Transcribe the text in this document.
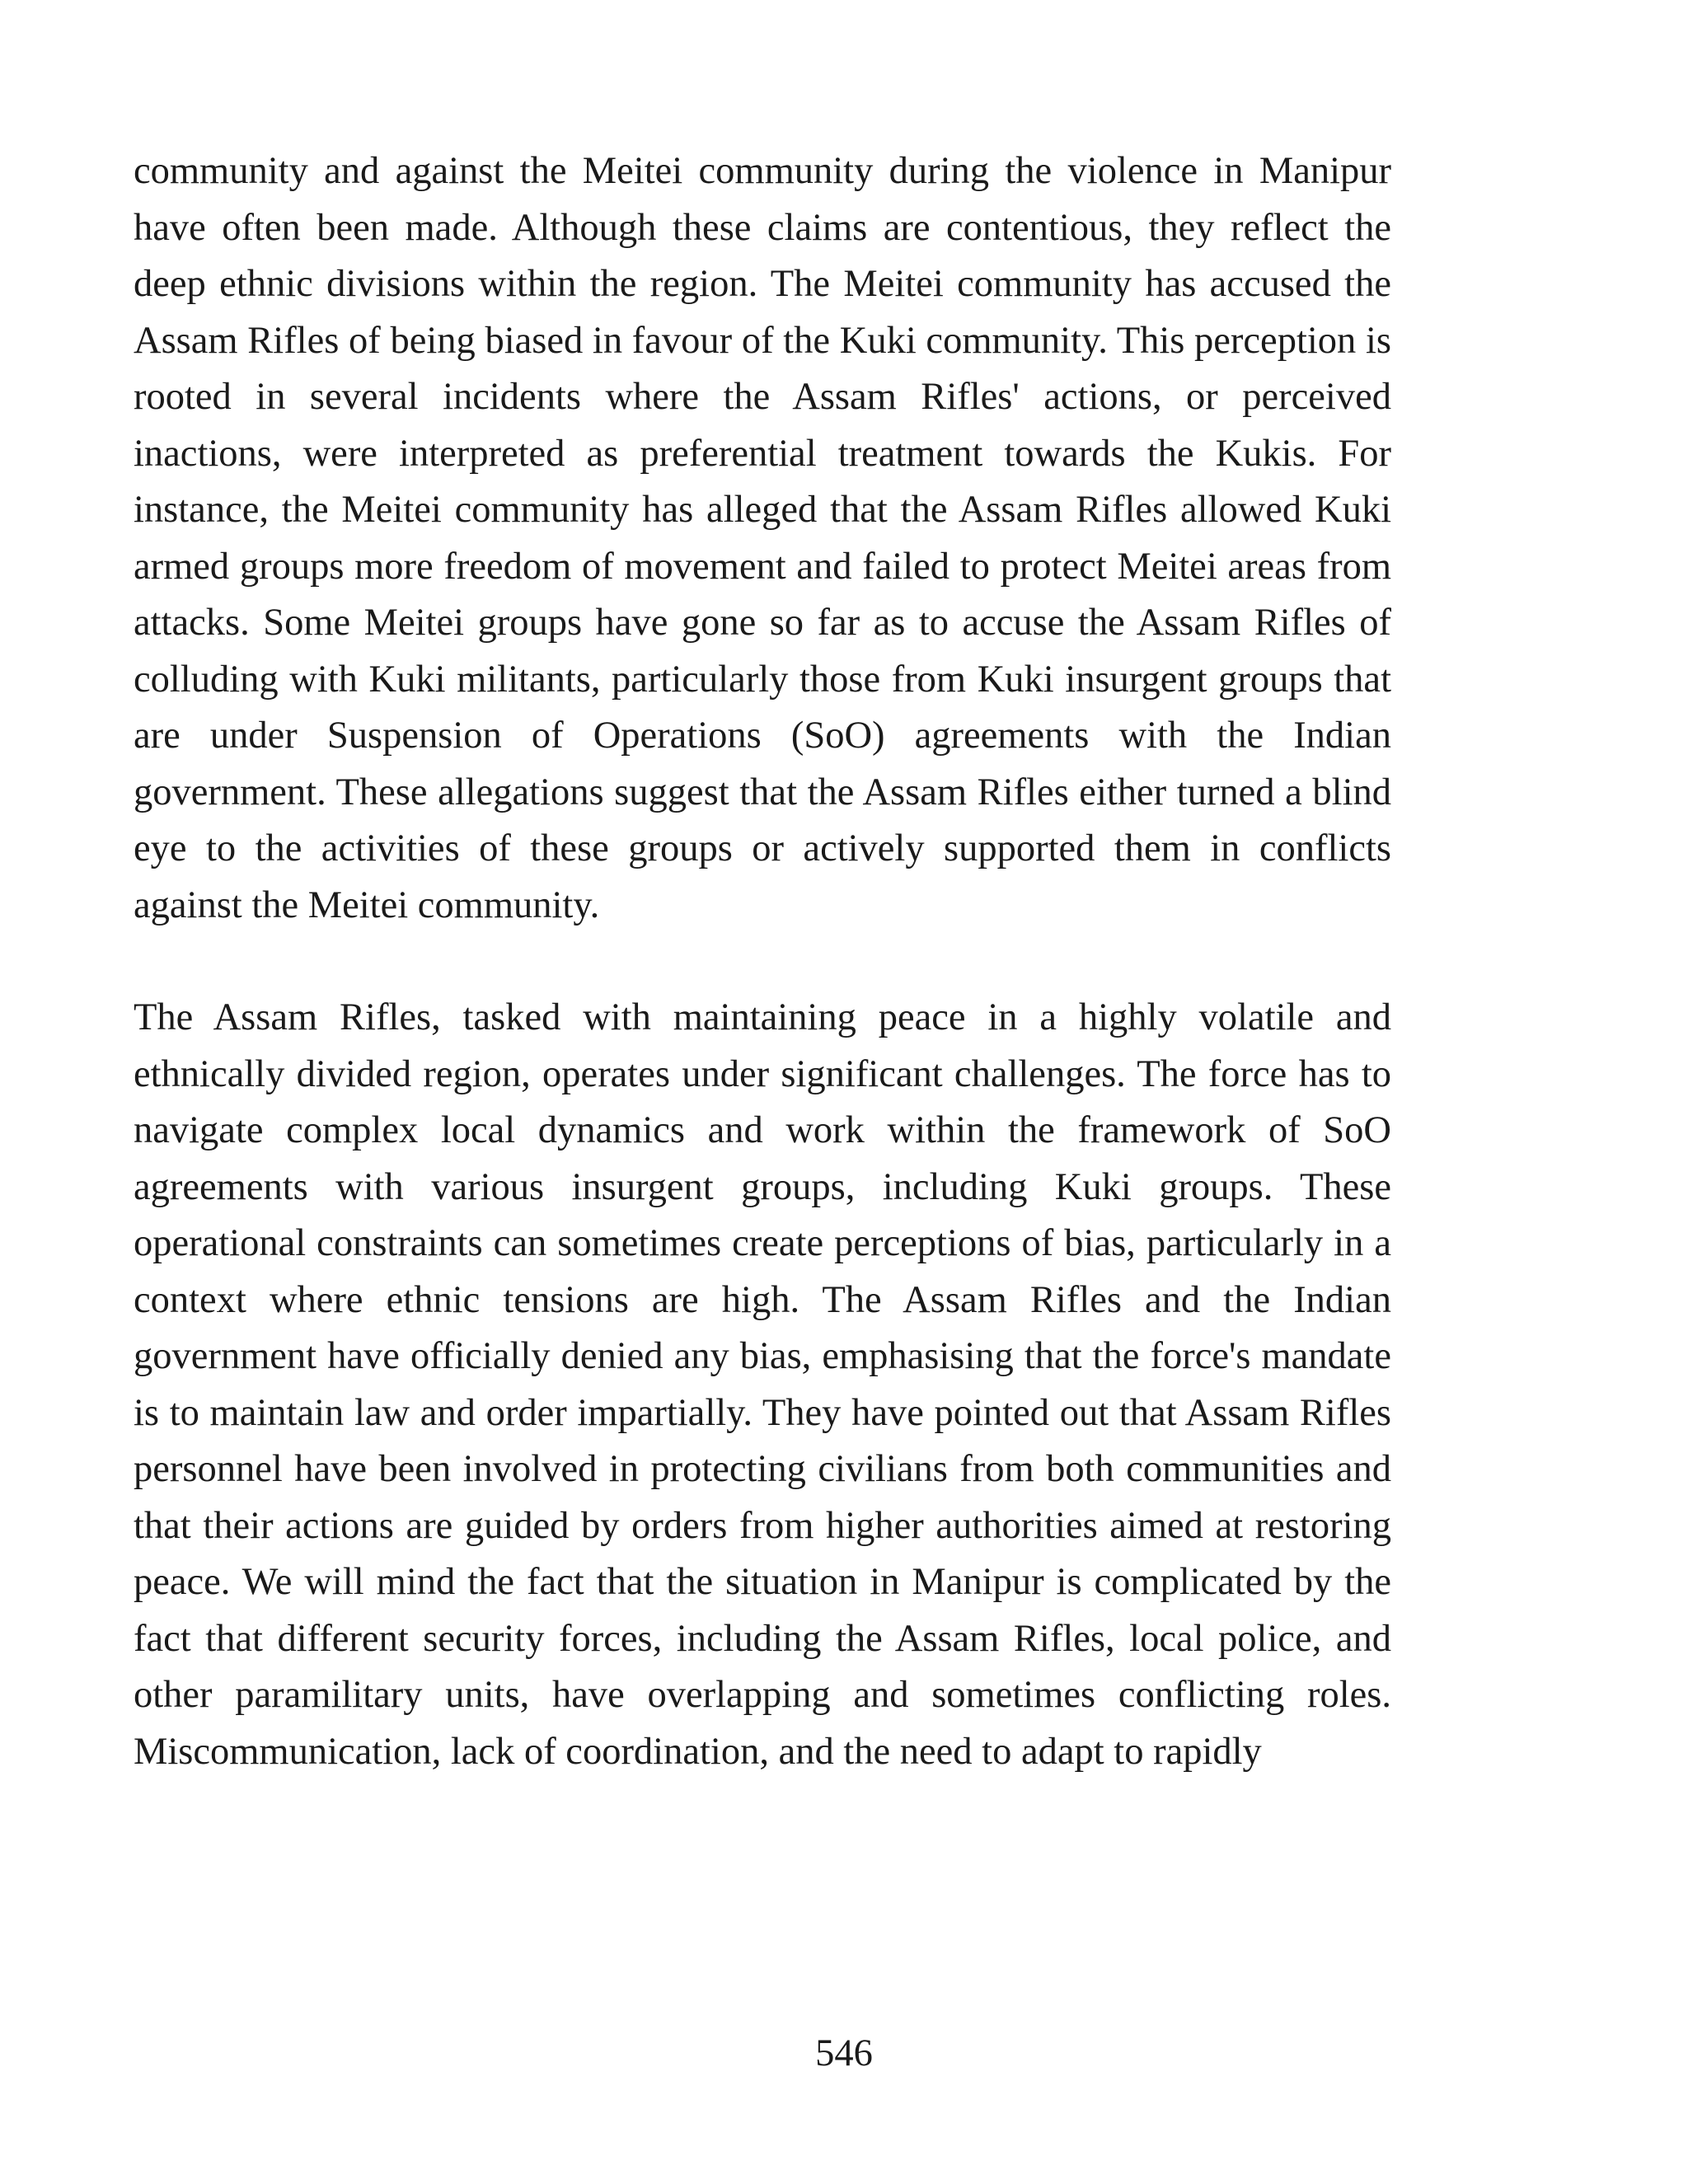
community and against the Meitei community during the violence in Manipur have often been made. Although these claims are contentious, they reflect the deep ethnic divisions within the region. The Meitei community has accused the Assam Rifles of being biased in favour of the Kuki community. This perception is rooted in several incidents where the Assam Rifles' actions, or perceived inactions, were interpreted as preferential treatment towards the Kukis. For instance, the Meitei community has alleged that the Assam Rifles allowed Kuki armed groups more freedom of movement and failed to protect Meitei areas from attacks. Some Meitei groups have gone so far as to accuse the Assam Rifles of colluding with Kuki militants, particularly those from Kuki insurgent groups that are under Suspension of Operations (SoO) agreements with the Indian government. These allegations suggest that the Assam Rifles either turned a blind eye to the activities of these groups or actively supported them in conflicts against the Meitei community.

The Assam Rifles, tasked with maintaining peace in a highly volatile and ethnically divided region, operates under significant challenges. The force has to navigate complex local dynamics and work within the framework of SoO agreements with various insurgent groups, including Kuki groups. These operational constraints can sometimes create perceptions of bias, particularly in a context where ethnic tensions are high. The Assam Rifles and the Indian government have officially denied any bias, emphasising that the force's mandate is to maintain law and order impartially. They have pointed out that Assam Rifles personnel have been involved in protecting civilians from both communities and that their actions are guided by orders from higher authorities aimed at restoring peace. We will mind the fact that the situation in Manipur is complicated by the fact that different security forces, including the Assam Rifles, local police, and other paramilitary units, have overlapping and sometimes conflicting roles. Miscommunication, lack of coordination, and the need to adapt to rapidly

546
